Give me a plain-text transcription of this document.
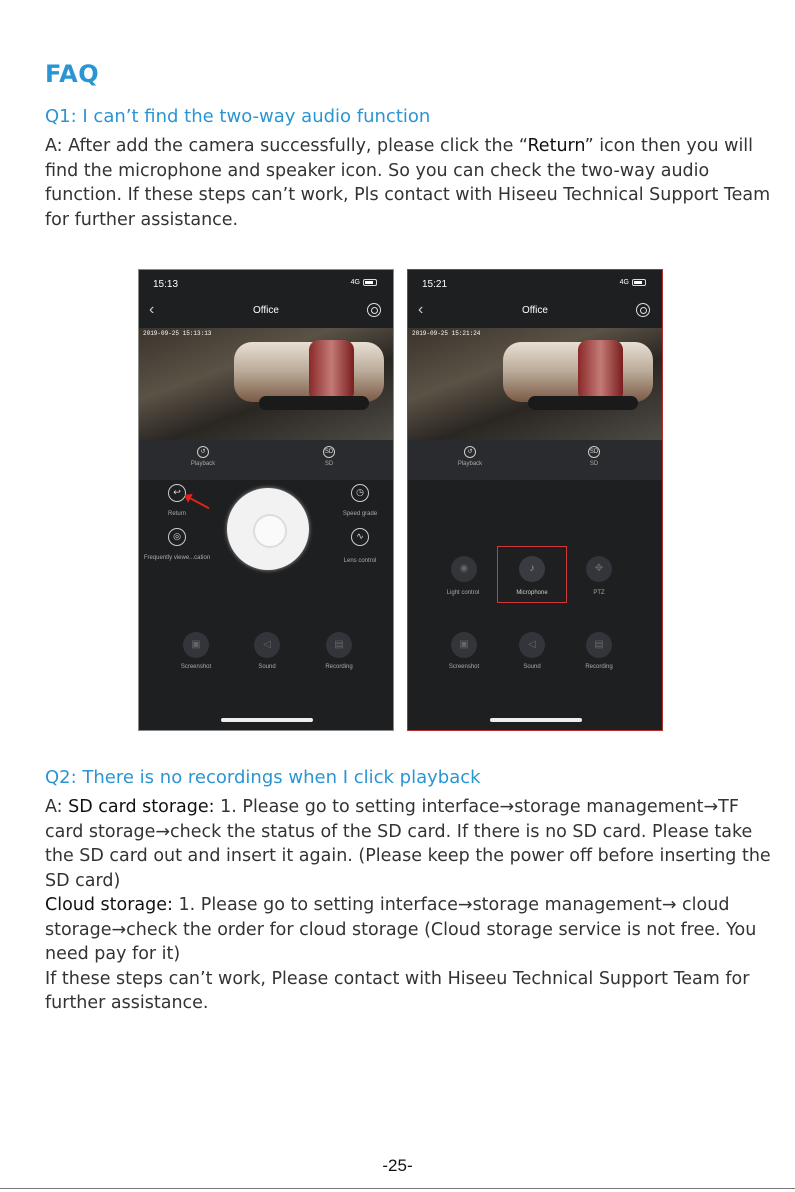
FAQ
Q1: I can’t find the two-way audio function
A: After add the camera successfully, please click the “Return” icon then you will find the microphone and speaker icon. So you can check the two-way audio function. If these steps can’t work, Pls contact with Hiseeu Technical Support Team for further assistance.
15:13	4G
‹	Office
2019-09-25 15:13:13
↺
Playback
SD
SD
↩
Return
◷
Speed grade
◎
Frequently viewe...cation
∿
Lens control
▣
Screenshot
◁
Sound
▤
Recording
15:21	4G
‹	Office
2019-09-25 15:21:24
↺
Playback
SD
SD
◉
Light control
♪
Microphone
✥
PTZ
▣
Screenshot
◁
Sound
▤
Recording
Q2: There is no recordings when I click playback
A: SD card storage: 1. Please go to setting interface→storage management→TF card storage→check the status of the SD card. If there is no SD card. Please take the SD card out and insert it again. (Please keep the power off before inserting the SD card)
Cloud storage: 1. Please go to setting interface→storage management→ cloud storage→check the order for cloud storage (Cloud storage service is not free. You need pay for it)
If these steps can’t work, Please contact with Hiseeu Technical Support Team for further assistance.
-25-
